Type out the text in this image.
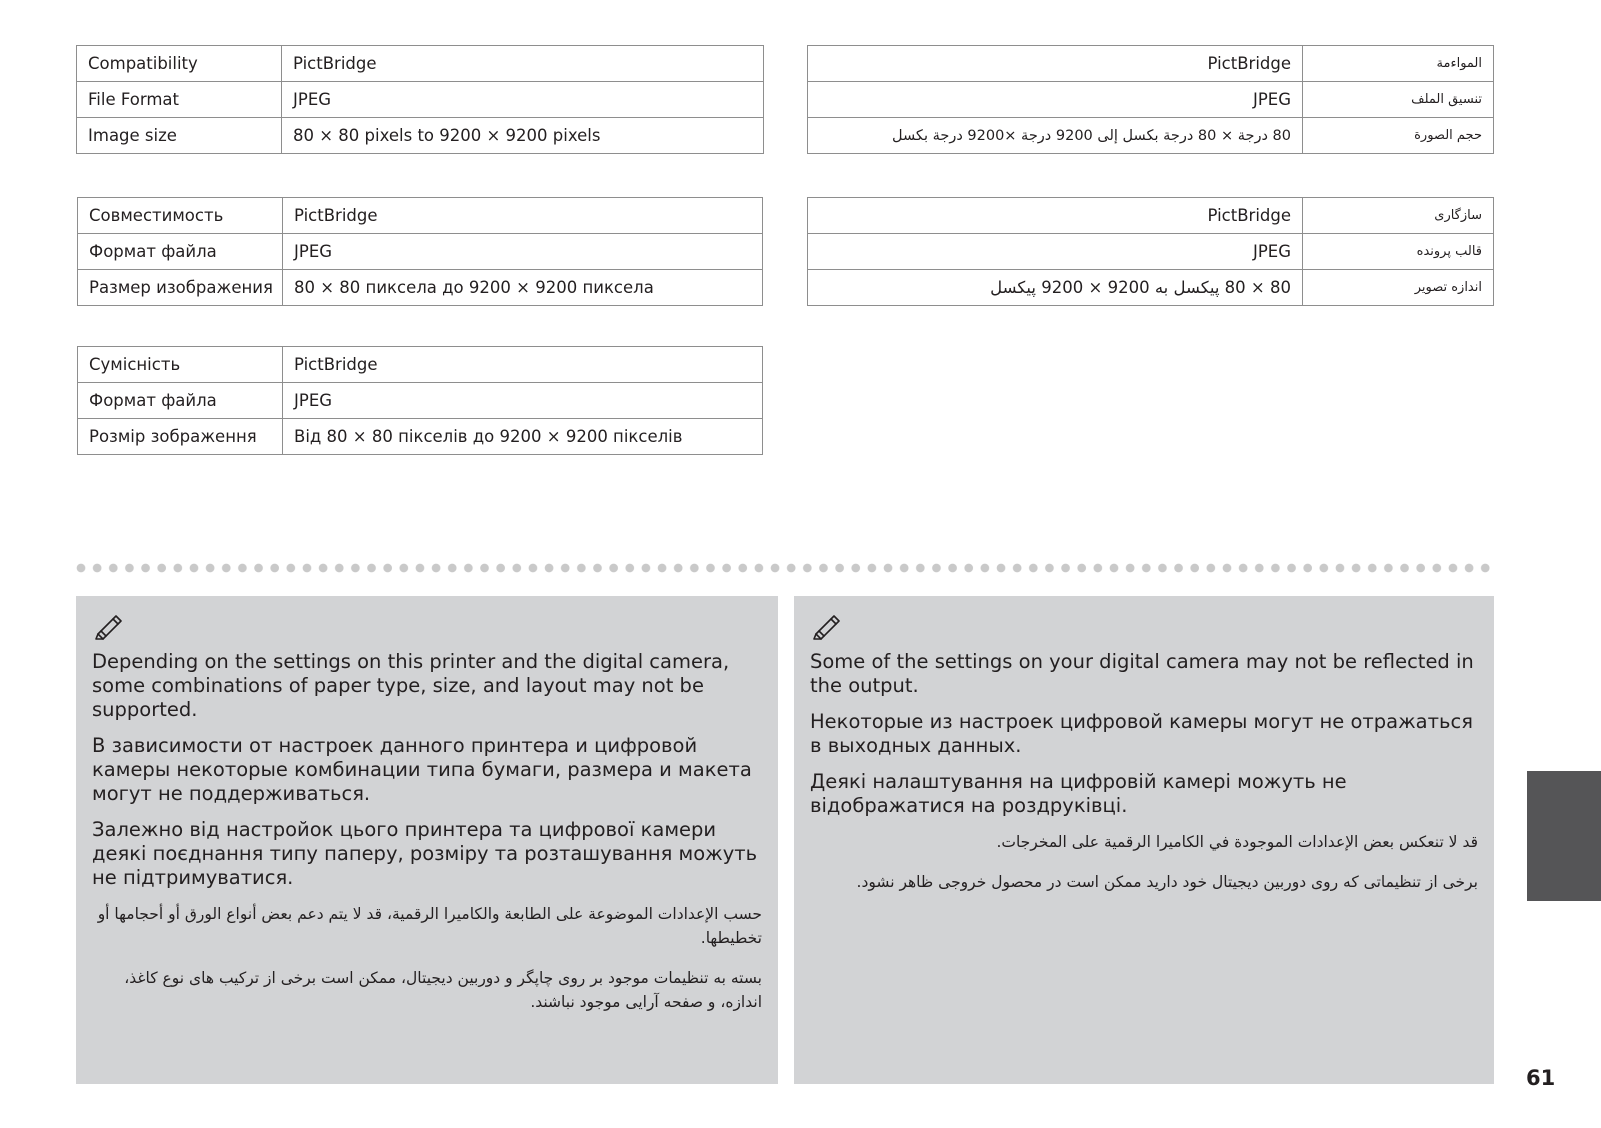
Compatibility	PictBridge
File Format	JPEG
Image size	80 × 80 pixels to 9200 × 9200 pixels
Совместимость	PictBridge
Формат файла	JPEG
Размер изображения	80 × 80 пиксела до 9200 × 9200 пиксела
Сумісність	PictBridge
Формат файла	JPEG
Розмір зображення	Від 80 × 80 пікселів до 9200 × 9200 пікселів
PictBridge	المواءمة
JPEG	تنسيق الملف
80 درجة × 80 درجة بكسل إلى 9200 درجة ×9200 درجة بكسل	حجم الصورة
PictBridge	سازگاری
JPEG	قالب پرونده
80 × 80 پیکسل به 9200 × 9200 پیکسل	اندازه تصویر

Depending on the settings on this printer and the digital camera, some combinations of paper type, size, and layout may not be supported.

В зависимости от настроек данного принтера и цифровой камеры некоторые комбинации типа бумаги, размера и макета могут не поддерживаться.

Залежно від настройок цього принтера та цифрової камери деякі поєднання типу паперу, розміру та розташування можуть не підтримуватися.

حسب الإعدادات الموضوعة على الطابعة والكاميرا الرقمية، قد لا يتم دعم بعض أنواع الورق أو أحجامها أو تخطيطها.

بسته به تنظیمات موجود بر روی چاپگر و دوربین دیجیتال، ممکن است برخی از ترکیب های نوع کاغذ، اندازه، و صفحه آرایی موجود نباشند.

Some of the settings on your digital camera may not be reflected in the output.

Некоторые из настроек цифровой камеры могут не отражаться в выходных данных.

Деякі налаштування на цифровій камері можуть не відображатися на роздруківці.

قد لا تنعكس بعض الإعدادات الموجودة في الكاميرا الرقمية على المخرجات.

برخی از تنظیماتی که روی دوربین دیجیتال خود دارید ممکن است در محصول خروجی ظاهر نشود.

61
